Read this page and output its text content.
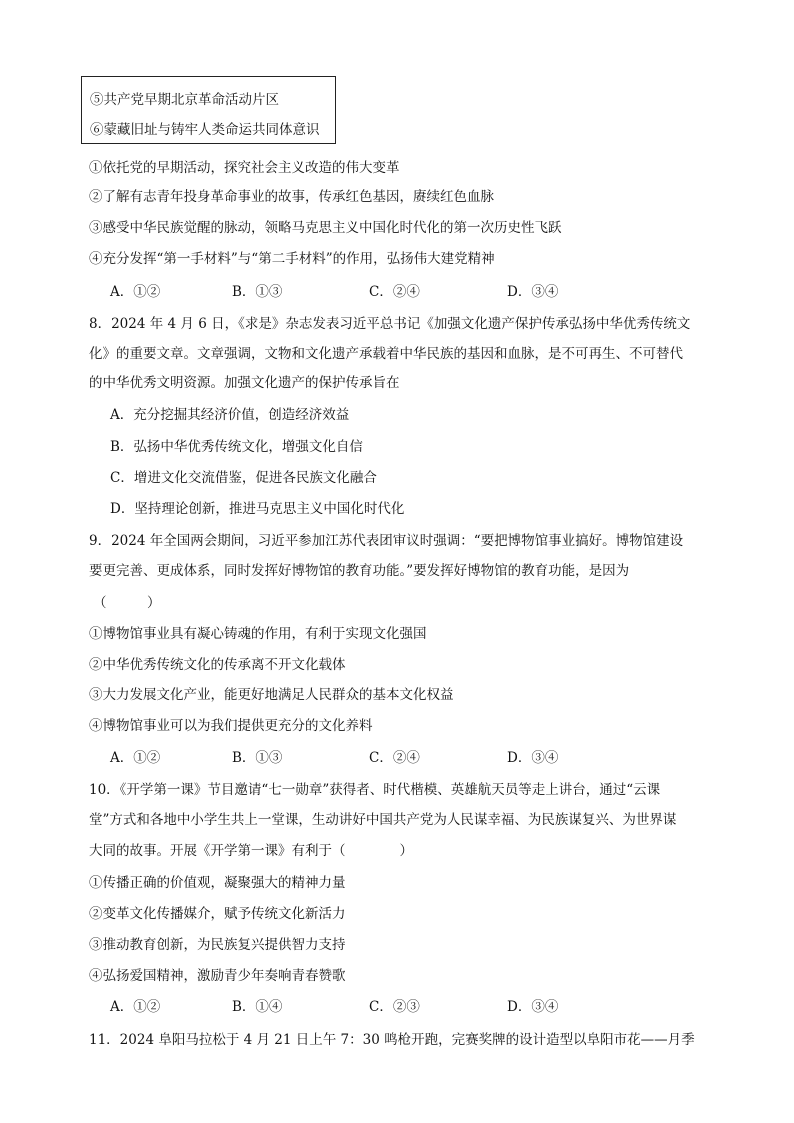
⑤共产党早期北京革命活动片区
⑥蒙藏旧址与铸牢人类命运共同体意识
①依托党的早期活动，探究社会主义改造的伟大变革
②了解有志青年投身革命事业的故事，传承红色基因，赓续红色血脉
③感受中华民族觉醒的脉动，领略马克思主义中国化时代化的第一次历史性飞跃
④充分发挥“第一手材料”与“第二手材料”的作用，弘扬伟大建党精神
A．①②	B．①③	C．②④	D．③④
8．2024 年 4 月 6 日，《求是》杂志发表习近平总书记《加强文化遗产保护传承弘扬中华优秀传统文
化》的重要文章。文章强调，文物和文化遗产承载着中华民族的基因和血脉，是不可再生、不可替代
的中华优秀文明资源。加强文化遗产的保护传承旨在
A．充分挖掘其经济价值，创造经济效益
B．弘扬中华优秀传统文化，增强文化自信
C．增进文化交流借鉴，促进各民族文化融合
D．坚持理论创新，推进马克思主义中国化时代化
9．2024 年全国两会期间，习近平参加江苏代表团审议时强调：“要把博物馆事业搞好。博物馆建设
要更完善、更成体系，同时发挥好博物馆的教育功能。”要发挥好博物馆的教育功能，是因为
（　　　）
①博物馆事业具有凝心铸魂的作用，有利于实现文化强国
②中华优秀传统文化的传承离不开文化载体
③大力发展文化产业，能更好地满足人民群众的基本文化权益
④博物馆事业可以为我们提供更充分的文化养料
A．①②	B．①③	C．②④	D．③④
10．《开学第一课》节目邀请“七一勋章”获得者、时代楷模、英雄航天员等走上讲台，通过“云课
堂”方式和各地中小学生共上一堂课，生动讲好中国共产党为人民谋幸福、为民族谋复兴、为世界谋
大同的故事。开展《开学第一课》有利于（　　　　）
①传播正确的价值观，凝聚强大的精神力量
②变革文化传播媒介，赋予传统文化新活力
③推动教育创新，为民族复兴提供智力支持
④弘扬爱国精神，激励青少年奏响青春赞歌
A．①②	B．①④	C．②③	D．③④
11．2024 阜阳马拉松于 4 月 21 日上午 7：30 鸣枪开跑，完赛奖牌的设计造型以阜阳市花——月季
